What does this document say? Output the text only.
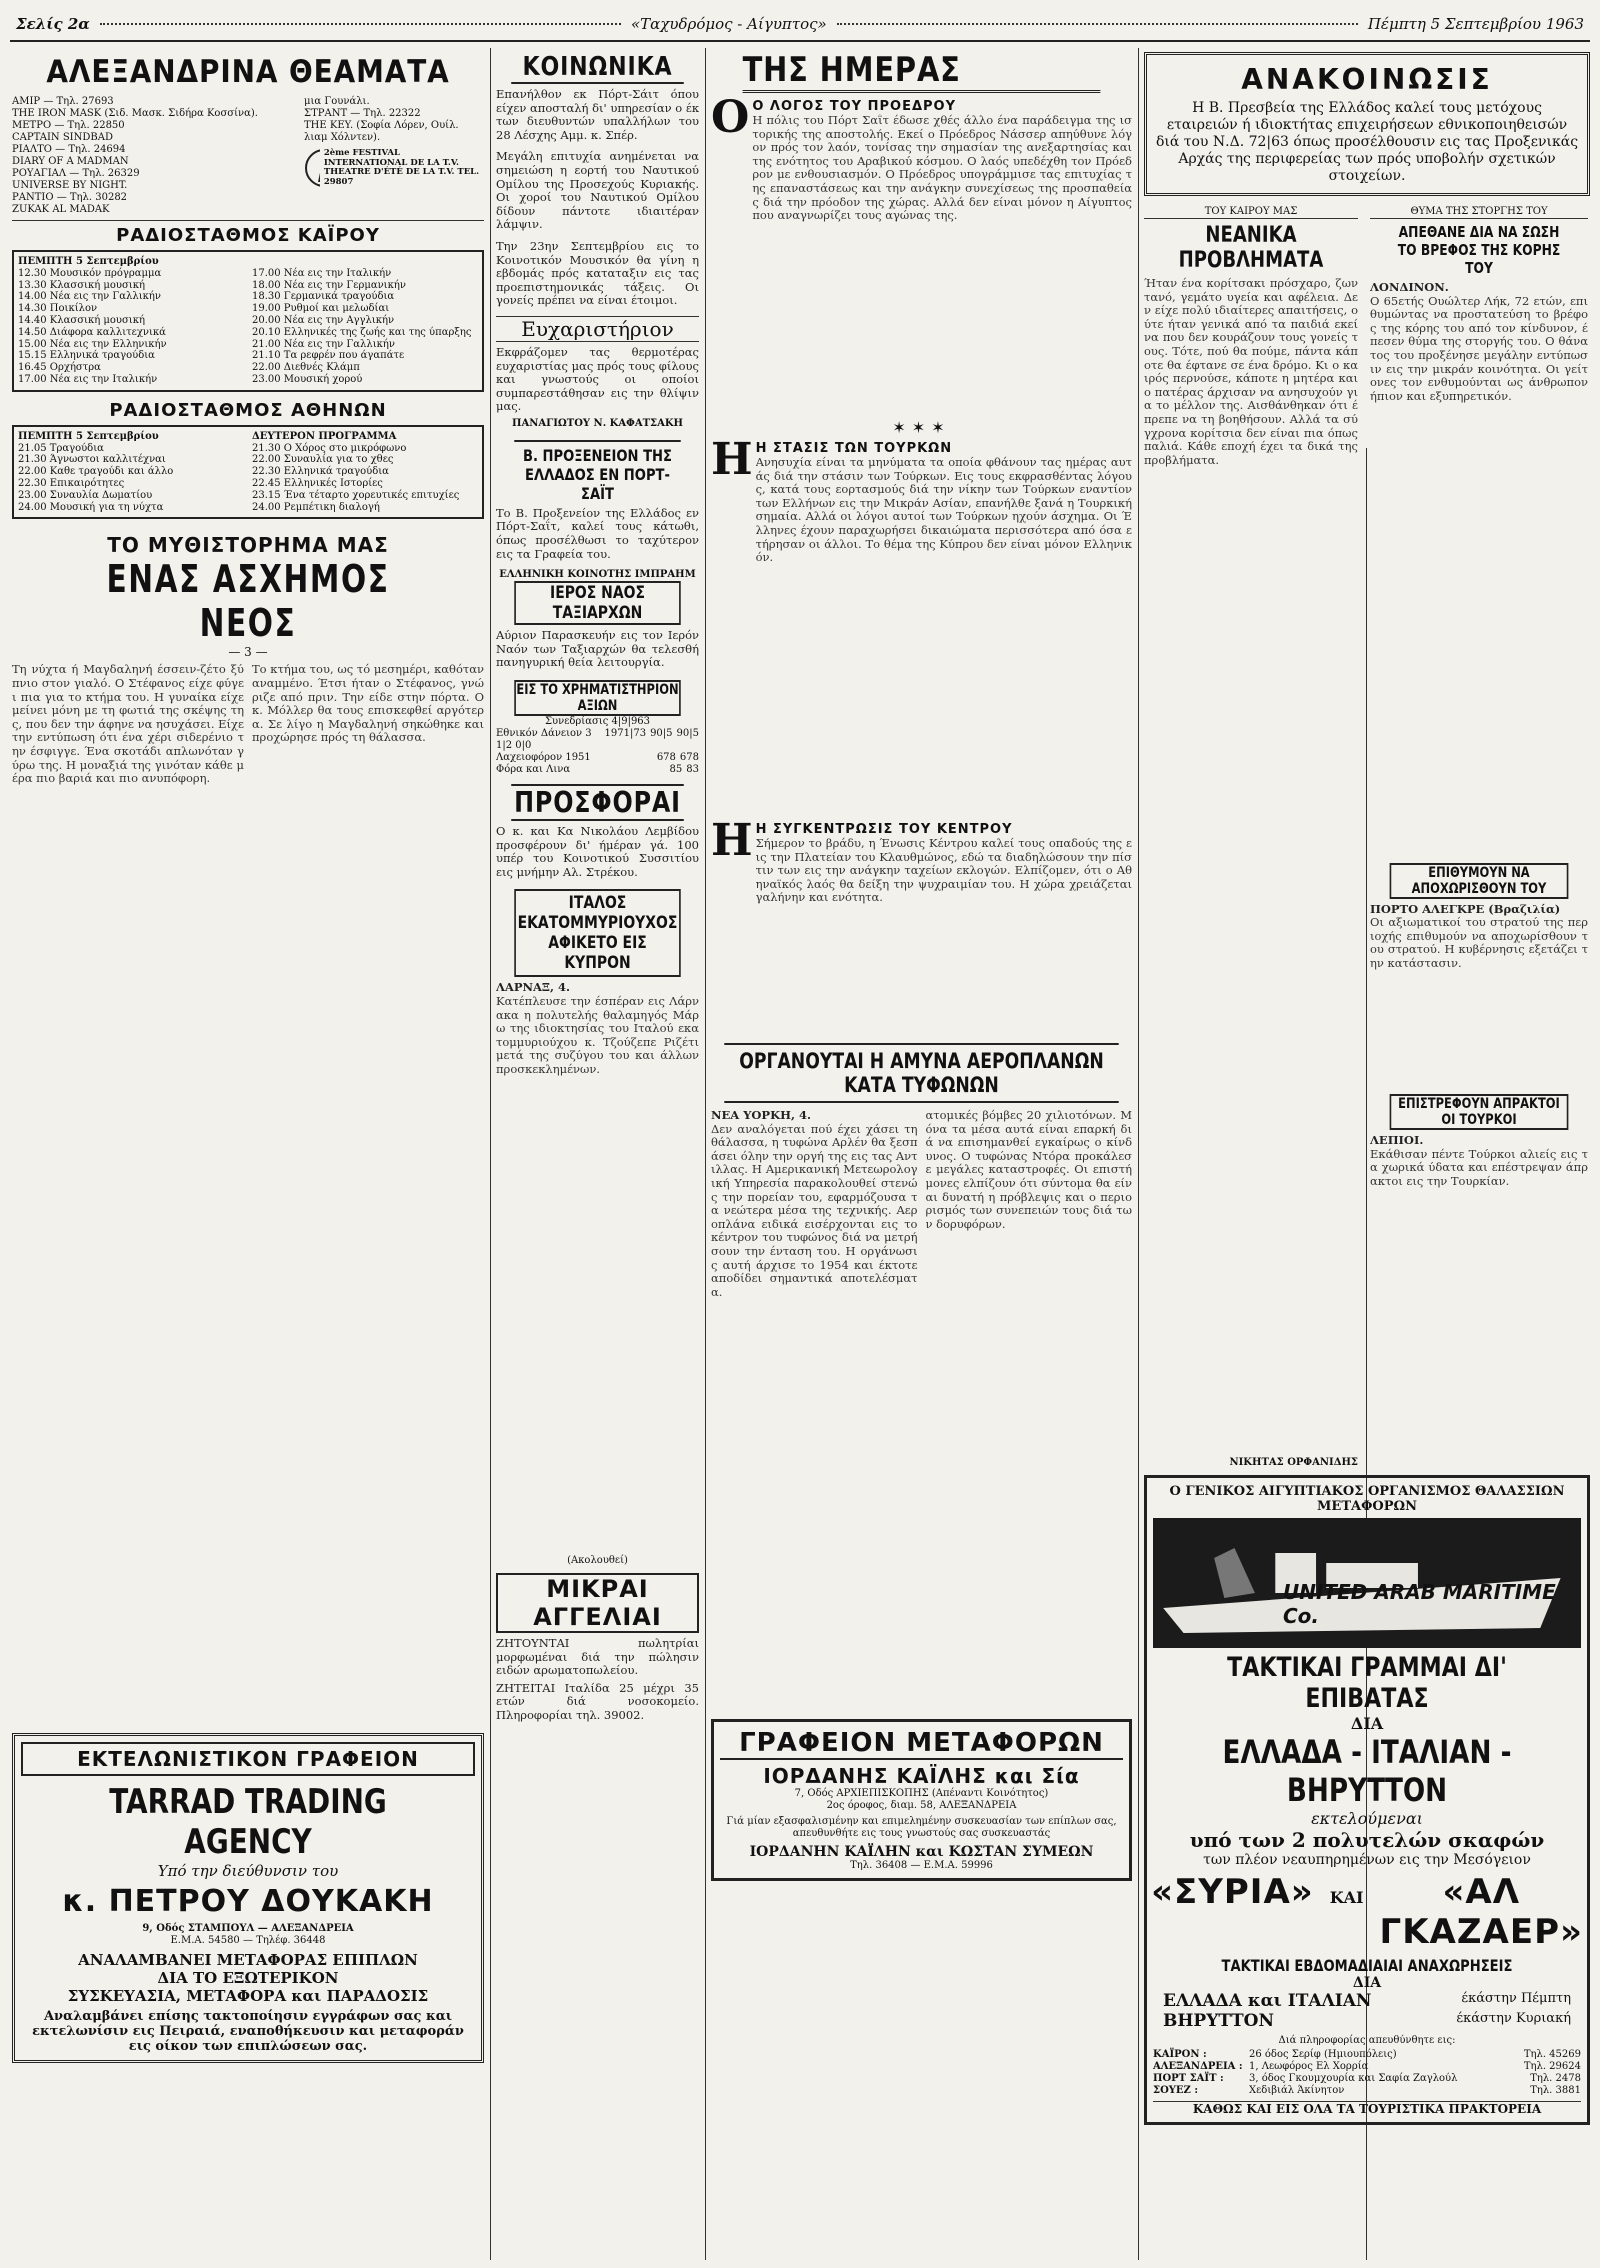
Σελίς 2α	«Ταχυδρόμος - Αίγυπτος»	Πέμπτη 5 Σεπτεμβρίου 1963
ΑΛΕΞΑΝΔΡΙΝΑ ΘΕΑΜΑΤΑ
ΑΜΙΡ — Τηλ. 27693
THE IRON MASK (Σιδ. Μασκ. Σιδήρα Κοσσίνα).
ΜΕΤΡΟ — Τηλ. 22850
CAPTAIN SINDBAD
ΡΙΑΛΤΟ — Τηλ. 24694
DIARY OF A MADMAN
ΡΟΥΑΓΙΑΛ — Τηλ. 26329
UNIVERSE BY NIGHT.
ΡΑΝΤΙΟ — Τηλ. 30282
ZUKAK AL MADAK
μια Γουνάλι.
ΣΤΡΑΝΤ — Τηλ. 22322
THE KEY. (Σοφία Λόρεν, Ουίλ.
λιαμ Χόλντεν).
2ème FESTIVAL INTERNATIONAL DE LA T.V. THEATRE D'ÉTÉ DE LA T.V. TEL. 29807
ΡΑΔΙΟΣΤΑΘΜΟΣ ΚΑΪΡΟΥ
ΠΕΜΠΤΗ 5 Σεπτεμβρίου
12.30 Μουσικόν πρόγραμμα	17.00 Νέα εις την Ιταλικήν
13.30 Κλασσική μουσική	18.00 Νέα εις την Γερμανικήν
14.00 Νέα εις την Γαλλικήν	18.30 Γερμανικά τραγούδια
14.30 Ποικίλον	19.00 Ρυθμοί και μελωδίαι
14.40 Κλασσική μουσική	20.00 Νέα εις την Αγγλικήν
14.50 Διάφορα καλλιτεχνικά	20.10 Ελληνικές της ζωής και της ύπαρξης
15.00 Νέα εις την Ελληνικήν	21.00 Νέα εις την Γαλλικήν
15.15 Ελληνικά τραγούδια	21.10 Τα ρεφρέν που άγαπάτε
16.45 Ορχήστρα	22.00 Διεθνές Κλάμπ
17.00 Νέα εις την Ιταλικήν	23.00 Μουσική χορού
ΡΑΔΙΟΣΤΑΘΜΟΣ ΑΘΗΝΩΝ
ΠΕΜΠΤΗ 5 Σεπτεμβρίου	ΔΕΥΤΕΡΟΝ ΠΡΟΓΡΑΜΜΑ
21.05 Τραγούδια	21.30 Ο Χόρος στο μικρόφωνο
21.30 Άγνωστοι καλλιτέχναι	22.00 Συναυλία για το χθες
22.00 Καθε τραγούδι και άλλο	22.30 Ελληνικά τραγούδια
22.30 Επικαιρότητες	22.45 Ελληνικές Ιστορίες
23.00 Συναυλία Δωματίου	23.15 Ένα τέταρτο χορευτικές επιτυχίες
24.00 Μουσική για τη νύχτα	24.00 Ρεμπέτικη διαλογή
ΤΟ ΜΥΘΙΣΤΟΡΗΜΑ ΜΑΣ
ΕΝΑΣ ΑΣΧΗΜΟΣ ΝΕΟΣ
— 3 —
Τη νύχτα ή Μαγδαληνή έσσειν-ζέτο ξύπνιο στον γιαλό. Ο Στέφανος είχε φύγει πια για το κτήμα του. Η γυναίκα είχε μείνει μόνη με τη φωτιά της σκέψης της, που δεν την άφηνε να ησυχάσει. Είχε την εντύπωση ότι ένα χέρι σιδερένιο την έσφιγγε. Ένα σκοτάδι απλωνόταν γύρω της. Η μοναξιά της γινόταν κάθε μέρα πιο βαριά και πιο ανυπόφορη.
Το κτήμα του, ως τό μεσημέρι, καθόταν αναμμένο. Έτσι ήταν ο Στέφανος, γνώριζε από πριν. Την είδε στην πόρτα. Ο κ. Μόλλερ θα τους επισκεφθεί αργότερα. Σε λίγο η Μαγδαληνή σηκώθηκε και προχώρησε πρός τη θάλασσα.
ΕΚΤΕΛΩΝΙΣΤΙΚΟΝ ΓΡΑΦΕΙΟΝ
TARRAD TRADING AGENCY
Υπό την διεύθυνσιν του
κ. ΠΕΤΡΟΥ ΔΟΥΚΑΚΗ
9, Οδός ΣΤΑΜΠΟΥΛ — ΑΛΕΞΑΝΔΡΕΙΑ
Ε.Μ.Α. 54580 — Τηλέφ. 36448
ΑΝΑΛΑΜΒΑΝΕΙ ΜΕΤΑΦΟΡΑΣ ΕΠΙΠΛΩΝ
ΔΙΑ ΤΟ ΕΞΩΤΕΡΙΚΟΝ
ΣΥΣΚΕΥΑΣΙΑ, ΜΕΤΑΦΟΡΑ και ΠΑΡΑΔΟΣΙΣ
Αναλαμβάνει επίσης τακτοποίησιν εγγράφων σας και εκτελωνίσιν εις Πειραιά, εναποθήκευσιν και μεταφοράν εις οίκον των επιπλώσεων σας.
ΚΟΙΝΩΝΙΚΑ
Επανήλθον εκ Πόρτ-Σάιτ όπου είχεν αποσταλή δι' υπηρεσίαν ο έκ των διευθυντών υπαλλήλων του 28 Λέσχης Αμμ. κ. Σπέρ.
Μεγάλη επιτυχία ανημένεται να σημειώση η εορτή του Ναυτικού Ομίλου της Προσεχούς Κυριακής. Οι χοροί του Ναυτικού Ομίλου δίδουν πάντοτε ιδιαιτέραν λάμψιν.
Την 23ην Σεπτεμβρίου εις το Κοινοτικόν Μουσικόν θα γίνη η εβδομάς πρός καταταξιν εις τας προεπιστημονικάς τάξεις. Οι γονείς πρέπει να είναι έτοιμοι.
Ευχαριστήριον
Εκφράζομεν τας θερμοτέρας ευχαριστίας μας πρός τους φίλους και γνωστούς οι οποίοι συμπαρεστάθησαν εις την θλίψιν μας.
ΠΑΝΑΓΙΩΤΟΥ Ν. ΚΑΦΑΤΣΑΚΗ
Β. ΠΡΟΞΕΝΕΙΟΝ ΤΗΣ ΕΛΛΑΔΟΣ ΕΝ ΠΟΡΤ-ΣΑΪΤ
Το Β. Προξενείον της Ελλάδος εν Πόρτ-Σαΐτ, καλεί τους κάτωθι, όπως προσέλθωσι το ταχύτερον εις τα Γραφεία του.
ΕΛΛΗΝΙΚΗ ΚΟΙΝΟΤΗΣ ΙΜΠΡΑΗΜ
ΙΕΡΟΣ ΝΑΟΣ ΤΑΞΙΑΡΧΩΝ
Αύριον Παρασκευήν εις τον Ιερόν Ναόν των Ταξιαρχών θα τελεσθή πανηγυρική θεία λειτουργία.
ΕΙΣ ΤΟ ΧΡΗΜΑΤΙΣΤΗΡΙΟΝ ΑΞΙΩΝ
Συνεδρίασις 4|9|963
Εθνικόν Δάνειον 3 1|2 0|0
1971|73 90|5 90|5
Λαχειοφόρον 1951	678 678
Φόρα και Λινα	85 83
ΠΡΟΣΦΟΡΑΙ
Ο κ. και Κα Νικολάου Λεμβίδου προσφέρουν δι' ήμέραν γά. 100 υπέρ του Κοινοτικού Συσσιτίου εις μνήμην Αλ. Στρέκου.
ΙΤΑΛΟΣ ΕΚΑΤΟΜΜΥΡΙΟΥΧΟΣ ΑΦΙΚΕΤΟ ΕΙΣ ΚΥΠΡΟΝ
ΛΑΡΝΑΞ, 4.
Κατέπλευσε την έσπέραν εις Λάρνακα η πολυτελής θαλαμηγός Μάρω της ιδιοκτησίας του Ιταλού εκατομμυριούχου κ. Τζούζεπε Ριζέτι μετά της συζύγου του και άλλων προσκεκλημένων.
(Ακολουθεί)
ΜΙΚΡΑΙ ΑΓΓΕΛΙΑΙ
ΖΗΤΟΥΝΤΑΙ πωλητρίαι μορφωμέναι διά την πώλησιν ειδών αρωματοπωλείου.
ΖΗΤΕΙΤΑΙ Ιταλίδα 25 μέχρι 35 ετών διά νοσοκομείο. Πληροφορίαι τηλ. 39002.
ΤΗΣ ΗΜΕΡΑΣ
Ο Ο ΛΟΓΟΣ ΤΟΥ ΠΡΟΕΔΡΟΥ
Η πόλις του Πόρτ Σαΐτ έδωσε χθές άλλο ένα παράδειγμα της ιστορικής της αποστολής. Εκεί ο Πρόεδρος Νάσσερ απηύθυνε λόγον πρός τον λαόν, τονίσας την σημασίαν της ανεξαρτησίας και της ενότητος του Αραβικού κόσμου. Ο λαός υπεδέχθη τον Πρόεδρον με ενθουσιασμόν. Ο Πρόεδρος υπογράμμισε τας επιτυχίας της επαναστάσεως και την ανάγκην συνεχίσεως της προσπαθείας διά την πρόοδον της χώρας. Αλλά δεν είναι μόνον η Αίγυπτος που αναγνωρίζει τους αγώνας της.
✶✶✶
Η Η ΣΤΑΣΙΣ ΤΩΝ ΤΟΥΡΚΩΝ
Ανησυχία είναι τα μηνύματα τα οποία φθάνουν τας ημέρας αυτάς διά την στάσιν των Τούρκων. Εις τους εκφρασθέντας λόγους, κατά τους εορτασμούς διά την νίκην των Τούρκων εναντίον των Ελλήνων εις την Μικράν Ασίαν, επανήλθε ξανά η Τουρκική σημαία. Αλλά οι λόγοι αυτοί των Τούρκων ηχούν άσχημα. Οι Έλληνες έχουν παραχωρήσει δικαιώματα περισσότερα από όσα ετήρησαν οι άλλοι. Το θέμα της Κύπρου δεν είναι μόνον Ελληνικόν.
Η Η ΣΥΓΚΕΝΤΡΩΣΙΣ ΤΟΥ ΚΕΝΤΡΟΥ
Σήμερον το βράδυ, η Ένωσις Κέντρου καλεί τους οπαδούς της εις την Πλατείαν του Κλαυθμώνος, εδώ τα διαδηλώσουν την πίστιν των εις την ανάγκην ταχείων εκλογών. Ελπίζομεν, ότι ο Αθηναϊκός λαός θα δείξη την ψυχραιμίαν του. Η χώρα χρειάζεται γαλήνην και ενότητα.
ΟΡΓΑΝΟΥΤΑΙ Η ΑΜΥΝΑ ΑΕΡΟΠΛΑΝΩΝ ΚΑΤΑ ΤΥΦΩΝΩΝ
ΝΕΑ ΥΟΡΚΗ, 4.
Δεν αναλόγεται πού έχει χάσει τη θάλασσα, η τυφώνα Αρλέν θα ξεσπάσει όλην την οργή της εις τας Αντιλλας. Η Αμερικανική Μετεωρολογική Υπηρεσία παρακολουθεί στενώς την πορείαν του, εφαρμόζουσα τα νεώτερα μέσα της τεχνικής. Αεροπλάνα ειδικά εισέρχονται εις το κέντρον του τυφώνος διά να μετρήσουν την ένταση του. Η οργάνωσις αυτή άρχισε το 1954 και έκτοτε αποδίδει σημαντικά αποτελέσματα.
ατομικές βόμβες 20 χιλιοτόνων. Μόνα τα μέσα αυτά είναι επαρκή διά να επισημανθεί εγκαίρως ο κίνδυνος. Ο τυφώνας Ντόρα προκάλεσε μεγάλες καταστροφές. Οι επιστήμονες ελπίζουν ότι σύντομα θα είναι δυνατή η πρόβλεψις και ο περιορισμός των συνεπειών τους διά των δορυφόρων.
ΓΡΑΦΕΙΟΝ ΜΕΤΑΦΟΡΩΝ
ΙΟΡΔΑΝΗΣ ΚΑΪΛΗΣ και Σία
7, Οδός ΑΡΧΙΕΠΙΣΚΟΠΗΣ (Απέναντι Κοινότητος)
2ος όροφος, διαμ. 58, ΑΛΕΞΑΝΔΡΕΙΑ
Γιά μίαν εξασφαλισμένην και επιμελημένην συσκευασίαν των επίπλων σας, απευθυνθήτε εις τους γνωστούς σας συσκευαστάς
ΙΟΡΔΑΝΗΝ ΚΑΪΛΗΝ και ΚΩΣΤΑΝ ΣΥΜΕΩΝ
Τηλ. 36408 — Ε.Μ.Α. 59996
ΑΝΑΚΟΙΝΩΣΙΣ
Η Β. Πρεσβεία της Ελλάδος καλεί τους μετόχους εταιρειών ή ιδιοκτήτας επιχειρήσεων εθνικοποιηθεισών διά του Ν.Δ. 72|63 όπως προσέλθουσιν εις τας Προξενικάς Αρχάς της περιφερείας των πρός υποβολήν σχετικών στοιχείων.
ΤΟΥ ΚΑΙΡΟΥ ΜΑΣ
ΝΕΑΝΙΚΑ ΠΡΟΒΛΗΜΑΤΑ
Ήταν ένα κορίτσακι πρόσχαρο, ζωντανό, γεμάτο υγεία και αφέλεια. Δεν είχε πολύ ιδιαίτερες απαιτήσεις, ούτε ήταν γενικά από τα παιδιά εκείνα που δεν κουράζουν τους γονείς τους. Τότε, πού θα πούμε, πάντα κάποτε θα έφτανε σε ένα δρόμο. Κι ο καιρός περνούσε, κάποτε η μητέρα και ο πατέρας άρχισαν να ανησυχούν για το μέλλον της. Αισθάνθηκαν ότι έπρεπε να τη βοηθήσουν. Αλλά τα σύγχρονα κορίτσια δεν είναι πια όπως παλιά. Κάθε εποχή έχει τα δικά της προβλήματα.
ΝΙΚΗΤΑΣ ΟΡΦΑΝΙΔΗΣ
ΘΥΜΑ ΤΗΣ ΣΤΟΡΓΗΣ ΤΟΥ
ΑΠΕΘΑΝΕ ΔΙΑ ΝΑ ΣΩΣΗ ΤΟ ΒΡΕΦΟΣ ΤΗΣ ΚΟΡΗΣ ΤΟΥ
ΛΟΝΔΙΝΟΝ.
Ο 65ετής Ουώλτερ Λήκ, 72 ετών, επιθυμώντας να προστατεύση το βρέφος της κόρης του από τον κίνδυνον, έπεσεν θύμα της στοργής του. Ο θάνατος του προξένησε μεγάλην εντύπωσιν εις την μικράν κοινότητα. Οι γείτονες τον ενθυμούνται ως άνθρωπον ήπιον και εξυπηρετικόν.
ΕΠΙΘΥΜΟΥΝ ΝΑ ΑΠΟΧΩΡΙΣΘΟΥΝ ΤΟΥ
ΠΟΡΤΟ ΑΛΕΓΚΡΕ (Βραζιλία)
Οι αξιωματικοί του στρατού της περιοχής επιθυμούν να αποχωρίσθουν του στρατού. Η κυβέρνησις εξετάζει την κατάστασιν.
ΕΠΙΣΤΡΕΦΟΥΝ ΑΠΡΑΚΤΟΙ ΟΙ ΤΟΥΡΚΟΙ
ΛΕΠΙΟΙ.
Εκάθισαν πέντε Τούρκοι αλιείς εις τα χωρικά ύδατα και επέστρεψαν άπρακτοι εις την Τουρκίαν.
Ο ΓΕΝΙΚΟΣ ΑΙΓΥΠΤΙΑΚΟΣ ΟΡΓΑΝΙΣΜΟΣ ΘΑΛΑΣΣΙΩΝ ΜΕΤΑΦΟΡΩΝ
UNITED ARAB MARITIME Co.
ΤΑΚΤΙΚΑΙ ΓΡΑΜΜΑΙ ΔΙ' ΕΠΙΒΑΤΑΣ
ΔΙΑ
ΕΛΛΑΔΑ - ΙΤΑΛΙΑΝ - ΒΗΡΥΤΤΟΝ
εκτελούμεναι
υπό των 2 πολυτελών σκαφών
των πλέον νεαυπηρημένων εις την Μεσόγειον
«ΣΥΡΙΑ» ΚΑΙ	«ΑΛ ΓΚΑΖΑΕΡ»
ΤΑΚΤΙΚΑΙ ΕΒΔΟΜΑΔΙΑΙΑΙ ΑΝΑΧΩΡΗΣΕΙΣ
ΔΙΑ
ΕΛΛΑΔΑ και ΙΤΑΛΙΑΝ	έκάστην Πέμπτη
ΒΗΡΥΤΤΟΝ	έκάστην Κυριακή
Διά πληροφορίας απευθύνθητε εις:
ΚΑΪΡΟΝ :	26 όδος Σερίφ (Ημιουπόλεις)	Τηλ. 45269
ΑΛΕΞΑΝΔΡΕΙΑ : 1, Λεωφόρος Ελ Χορρία	Τηλ. 29624
ΠΟΡΤ ΣΑΪΤ :	3, όδος Γκουμχουρία και Σαφία Ζαγλούλ	Τηλ. 2478
ΣΟΥΕΖ :	Χεδιβιάλ Άκίνητον	Τηλ. 3881
ΚΑΘΩΣ ΚΑΙ ΕΙΣ ΟΛΑ ΤΑ ΤΟΥΡΙΣΤΙΚΑ ΠΡΑΚΤΟΡΕΙΑ
